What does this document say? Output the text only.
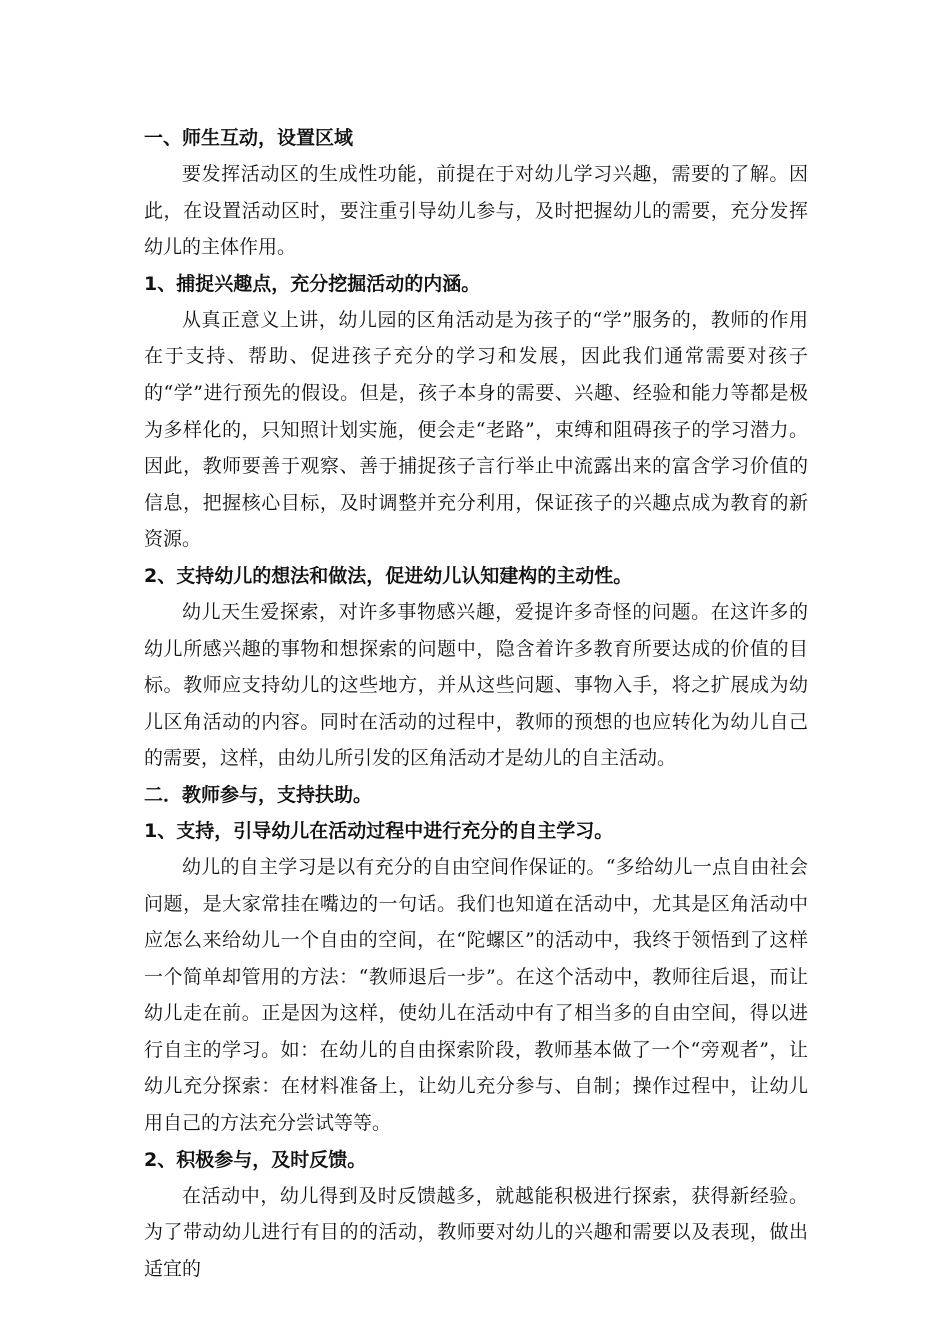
一、师生互动，设置区域

要发挥活动区的生成性功能，前提在于对幼儿学习兴趣，需要的了解。因此，在设置活动区时，要注重引导幼儿参与，及时把握幼儿的需要，充分发挥幼儿的主体作用。

1、捕捉兴趣点，充分挖掘活动的内涵。

从真正意义上讲，幼儿园的区角活动是为孩子的“学”服务的，教师的作用在于支持、帮助、促进孩子充分的学习和发展，因此我们通常需要对孩子的“学”进行预先的假设。但是，孩子本身的需要、兴趣、经验和能力等都是极为多样化的，只知照计划实施，便会走“老路”，束缚和阻碍孩子的学习潜力。因此，教师要善于观察、善于捕捉孩子言行举止中流露出来的富含学习价值的信息，把握核心目标，及时调整并充分利用，保证孩子的兴趣点成为教育的新资源。

2、支持幼儿的想法和做法，促进幼儿认知建构的主动性。

幼儿天生爱探索，对许多事物感兴趣，爱提许多奇怪的问题。在这许多的幼儿所感兴趣的事物和想探索的问题中，隐含着许多教育所要达成的价值的目标。教师应支持幼儿的这些地方，并从这些问题、事物入手，将之扩展成为幼儿区角活动的内容。同时在活动的过程中，教师的预想的也应转化为幼儿自己的需要，这样，由幼儿所引发的区角活动才是幼儿的自主活动。

二．教师参与，支持扶助。
1、支持，引导幼儿在活动过程中进行充分的自主学习。

幼儿的自主学习是以有充分的自由空间作保证的。“多给幼儿一点自由社会问题，是大家常挂在嘴边的一句话。我们也知道在活动中，尤其是区角活动中应怎么来给幼儿一个自由的空间，在“陀螺区”的活动中，我终于领悟到了这样一个简单却管用的方法：“教师退后一步”。在这个活动中，教师往后退，而让幼儿走在前。正是因为这样，使幼儿在活动中有了相当多的自由空间，得以进行自主的学习。如：在幼儿的自由探索阶段，教师基本做了一个“旁观者”，让幼儿充分探索：在材料准备上，让幼儿充分参与、自制；操作过程中，让幼儿用自己的方法充分尝试等等。

2、积极参与，及时反馈。

在活动中，幼儿得到及时反馈越多，就越能积极进行探索，获得新经验。为了带动幼儿进行有目的的活动，教师要对幼儿的兴趣和需要以及表现，做出适宜的
